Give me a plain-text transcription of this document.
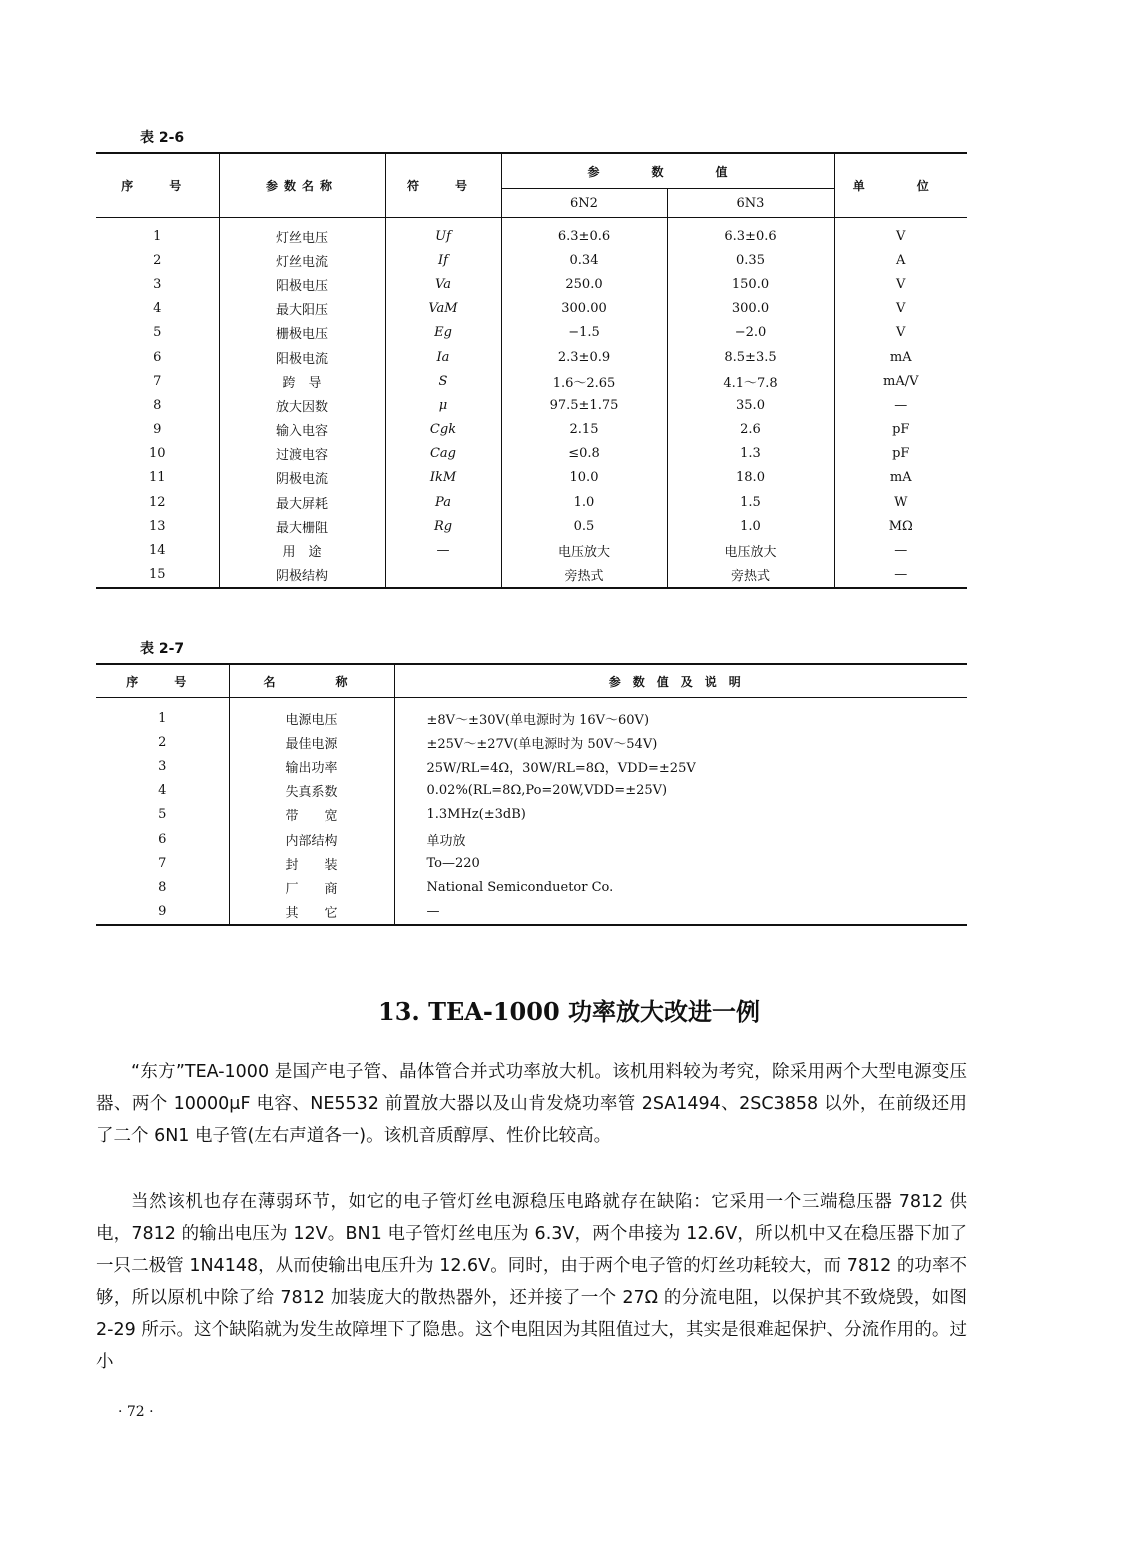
表 2-6
序　号	参数名称	符　号	参　数　值		单　位
			6N2	6N3	
1	灯丝电压	Uf	6.3±0.6	6.3±0.6	V
2	灯丝电流	If	0.34	0.35	A
3	阳极电压	Va	250.0	150.0	V
4	最大阳压	VaM	300.00	300.0	V
5	栅极电压	Eg	−1.5	−2.0	V
6	阳极电流	Ia	2.3±0.9	8.5±3.5	mA
7	跨　导	S	1.6～2.65	4.1～7.8	mA/V
8	放大因数	μ	97.5±1.75	35.0	—
9	输入电容	Cgk	2.15	2.6	pF
10	过渡电容	Cag	≤0.8	1.3	pF
11	阴极电流	IkM	10.0	18.0	mA
12	最大屏耗	Pa	1.0	1.5	W
13	最大栅阻	Rg	0.5	1.0	MΩ
14	用　途	—	电压放大	电压放大	—
15	阴极结构		旁热式	旁热式	—
表 2-7
序　号	名　　称	参数值及说明
1	电源电压	±8V～±30V(单电源时为 16V～60V)
2	最佳电源	±25V～±27V(单电源时为 50V～54V)
3	输出功率	25W/RL=4Ω，30W/RL=8Ω，VDD=±25V
4	失真系数	0.02%(RL=8Ω,Po=20W,VDD=±25V)
5	带　　宽	1.3MHz(±3dB)
6	内部结构	单功放
7	封　　装	To—220
8	厂　　商	National Semiconduetor Co.
9	其　　它	—
13. TEA-1000 功率放大改进一例

“东方”TEA-1000 是国产电子管、晶体管合并式功率放大机。该机用料较为考究，除采用两个大型电源变压器、两个 10000μF 电容、NE5532 前置放大器以及山肯发烧功率管 2SA1494、2SC3858 以外，在前级还用了二个 6N1 电子管(左右声道各一)。该机音质醇厚、性价比较高。

当然该机也存在薄弱环节，如它的电子管灯丝电源稳压电路就存在缺陷：它采用一个三端稳压器 7812 供电，7812 的输出电压为 12V。BN1 电子管灯丝电压为 6.3V，两个串接为 12.6V，所以机中又在稳压器下加了一只二极管 1N4148，从而使输出电压升为 12.6V。同时，由于两个电子管的灯丝功耗较大，而 7812 的功率不够，所以原机中除了给 7812 加装庞大的散热器外，还并接了一个 27Ω 的分流电阻，以保护其不致烧毁，如图 2-29 所示。这个缺陷就为发生故障埋下了隐患。这个电阻因为其阻值过大，其实是很难起保护、分流作用的。过小

· 72 ·
